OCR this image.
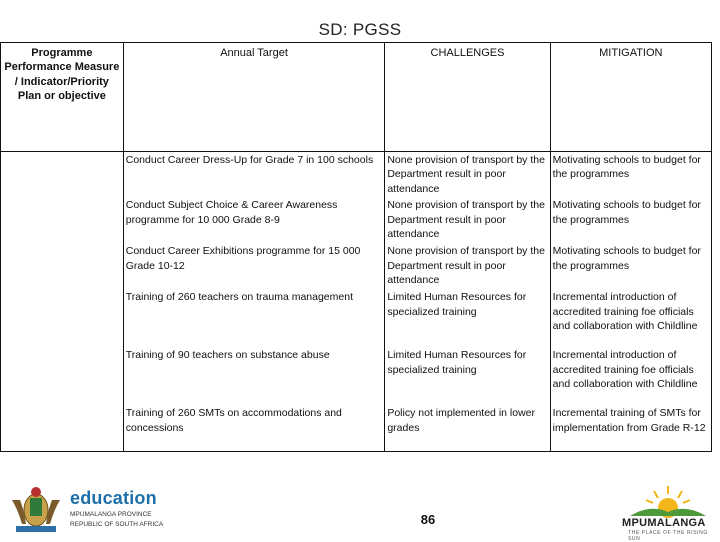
SD: PGSS
Programme Performance Measure / Indicator/Priority Plan or objective	Annual Target	CHALLENGES	MITIGATION
	Conduct Career Dress-Up for Grade 7 in 100 schools	None provision of transport by the Department result in poor attendance	Motivating schools to budget for the programmes
	Conduct Subject Choice & Career Awareness programme for 10 000 Grade 8-9	None provision of transport by the Department result in poor attendance	Motivating schools to budget for the programmes
	Conduct Career Exhibitions programme for 15 000 Grade 10-12	None provision of transport by the Department result in poor attendance	Motivating schools to budget for the programmes
	Training of 260 teachers on trauma management	Limited Human Resources for specialized training	Incremental introduction of accredited training foe officials and collaboration with Childline
	Training of 90 teachers on substance abuse	Limited Human Resources for specialized training	Incremental introduction of accredited training foe officials and collaboration with Childline
	Training of 260 SMTs on accommodations and concessions	Policy not implemented in lower grades	Incremental training of SMTs for implementation from Grade R-12
education
MPUMALANGA PROVINCE
REPUBLIC OF SOUTH AFRICA	86	MPUMALANGA
THE PLACE OF THE RISING SUN
